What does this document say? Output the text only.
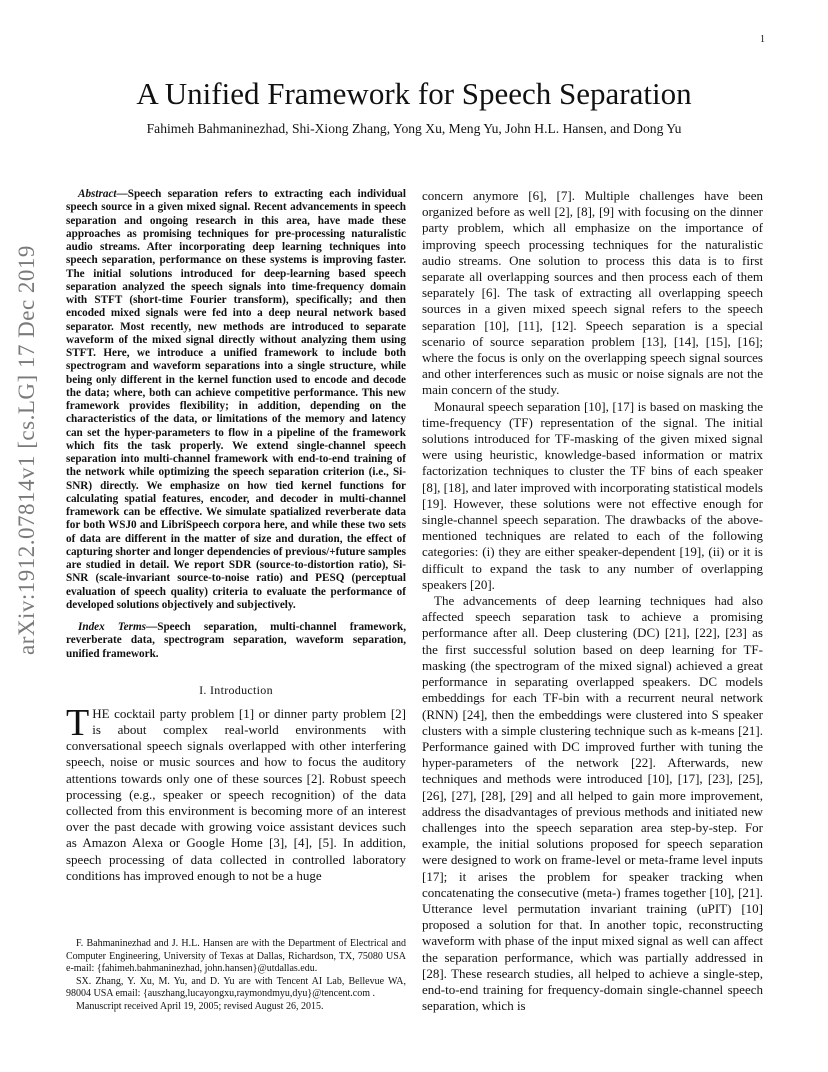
1
arXiv:1912.07814v1 [cs.LG] 17 Dec 2019
A Unified Framework for Speech Separation
Fahimeh Bahmaninezhad, Shi-Xiong Zhang, Yong Xu, Meng Yu, John H.L. Hansen, and Dong Yu

Abstract—Speech separation refers to extracting each individual speech source in a given mixed signal. Recent advancements in speech separation and ongoing research in this area, have made these approaches as promising techniques for pre-processing naturalistic audio streams. After incorporating deep learning techniques into speech separation, performance on these systems is improving faster. The initial solutions introduced for deep-learning based speech separation analyzed the speech signals into time-frequency domain with STFT (short-time Fourier transform), specifically; and then encoded mixed signals were fed into a deep neural network based separator. Most recently, new methods are introduced to separate waveform of the mixed signal directly without analyzing them using STFT. Here, we introduce a unified framework to include both spectrogram and waveform separations into a single structure, while being only different in the kernel function used to encode and decode the data; where, both can achieve competitive performance. This new framework provides flexibility; in addition, depending on the characteristics of the data, or limitations of the memory and latency can set the hyper-parameters to flow in a pipeline of the framework which fits the task properly. We extend single-channel speech separation into multi-channel framework with end-to-end training of the network while optimizing the speech separation criterion (i.e., Si-SNR) directly. We emphasize on how tied kernel functions for calculating spatial features, encoder, and decoder in multi-channel framework can be effective. We simulate spatialized reverberate data for both WSJ0 and LibriSpeech corpora here, and while these two sets of data are different in the matter of size and duration, the effect of capturing shorter and longer dependencies of previous/+future samples are studied in detail. We report SDR (source-to-distortion ratio), Si-SNR (scale-invariant source-to-noise ratio) and PESQ (perceptual evaluation of speech quality) criteria to evaluate the performance of developed solutions objectively and subjectively.

Index Terms—Speech separation, multi-channel framework, reverberate data, spectrogram separation, waveform separation, unified framework.

I. Introduction

THE cocktail party problem [1] or dinner party problem [2] is about complex real-world environments with conversational speech signals overlapped with other interfering speech, noise or music sources and how to focus the auditory attentions towards only one of these sources [2]. Robust speech processing (e.g., speaker or speech recognition) of the data collected from this environment is becoming more of an interest over the past decade with growing voice assistant devices such as Amazon Alexa or Google Home [3], [4], [5]. In addition, speech processing of data collected in controlled laboratory conditions has improved enough to not be a huge

F. Bahmaninezhad and J. H.L. Hansen are with the Department of Electrical and Computer Engineering, University of Texas at Dallas, Richardson, TX, 75080 USA e-mail: {fahimeh.bahmaninezhad, john.hansen}@utdallas.edu.

SX. Zhang, Y. Xu, M. Yu, and D. Yu are with Tencent AI Lab, Bellevue WA, 98004 USA email: {auszhang,lucayongxu,raymondmyu,dyu}@tencent.com .

Manuscript received April 19, 2005; revised August 26, 2015.

concern anymore [6], [7]. Multiple challenges have been organized before as well [2], [8], [9] with focusing on the dinner party problem, which all emphasize on the importance of improving speech processing techniques for the naturalistic audio streams. One solution to process this data is to first separate all overlapping sources and then process each of them separately [6]. The task of extracting all overlapping speech sources in a given mixed speech signal refers to the speech separation [10], [11], [12]. Speech separation is a special scenario of source separation problem [13], [14], [15], [16]; where the focus is only on the overlapping speech signal sources and other interferences such as music or noise signals are not the main concern of the study.

Monaural speech separation [10], [17] is based on masking the time-frequency (TF) representation of the signal. The initial solutions introduced for TF-masking of the given mixed signal were using heuristic, knowledge-based information or matrix factorization techniques to cluster the TF bins of each speaker [8], [18], and later improved with incorporating statistical models [19]. However, these solutions were not effective enough for single-channel speech separation. The drawbacks of the above-mentioned techniques are related to each of the following categories: (i) they are either speaker-dependent [19], (ii) or it is difficult to expand the task to any number of overlapping speakers [20].

The advancements of deep learning techniques had also affected speech separation task to achieve a promising performance after all. Deep clustering (DC) [21], [22], [23] as the first successful solution based on deep learning for TF-masking (the spectrogram of the mixed signal) achieved a great performance in separating overlapped speakers. DC models embeddings for each TF-bin with a recurrent neural network (RNN) [24], then the embeddings were clustered into S speaker clusters with a simple clustering technique such as k-means [21]. Performance gained with DC improved further with tuning the hyper-parameters of the network [22]. Afterwards, new techniques and methods were introduced [10], [17], [23], [25], [26], [27], [28], [29] and all helped to gain more improvement, address the disadvantages of previous methods and initiated new challenges into the speech separation area step-by-step. For example, the initial solutions proposed for speech separation were designed to work on frame-level or meta-frame level inputs [17]; it arises the problem for speaker tracking when concatenating the consecutive (meta-) frames together [10], [21]. Utterance level permutation invariant training (uPIT) [10] proposed a solution for that. In another topic, reconstructing waveform with phase of the input mixed signal as well can affect the separation performance, which was partially addressed in [28]. These research studies, all helped to achieve a single-step, end-to-end training for frequency-domain single-channel speech separation, which is
